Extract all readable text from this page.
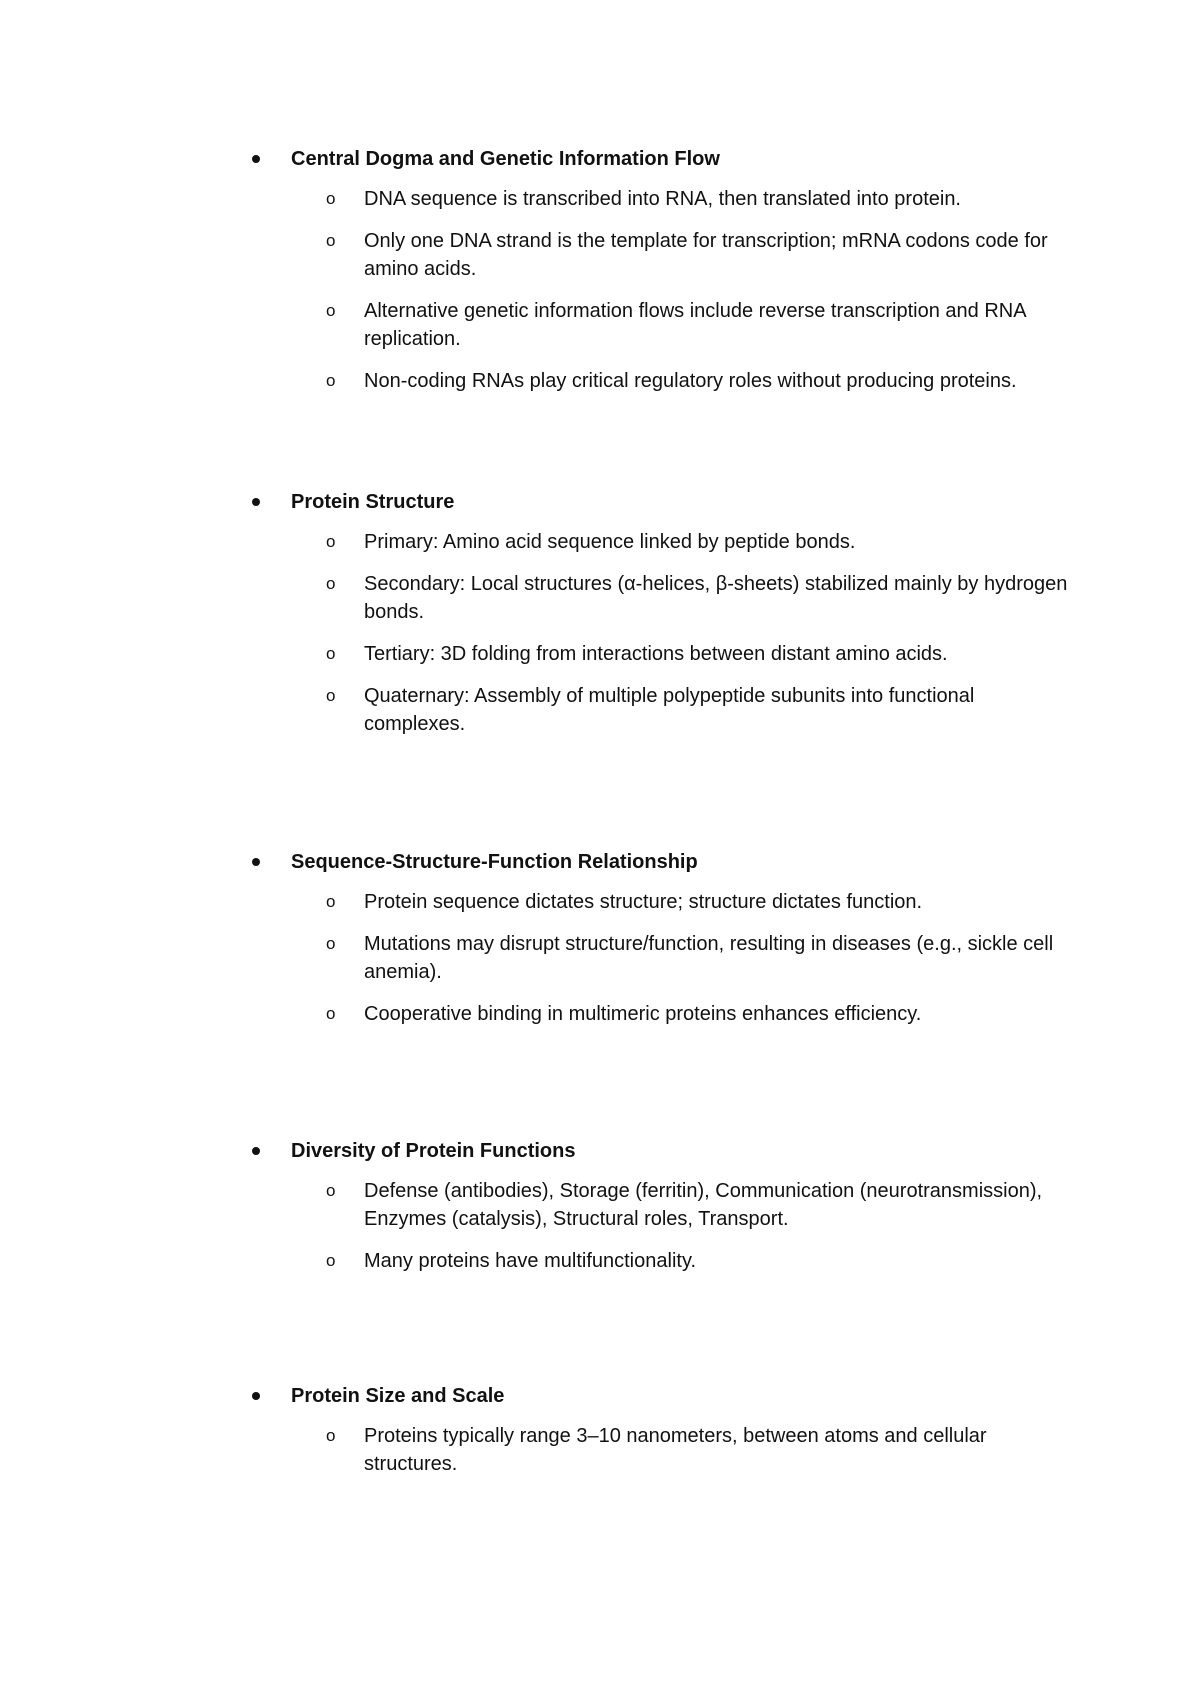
Central Dogma and Genetic Information Flow
o DNA sequence is transcribed into RNA, then translated into protein.
o Only one DNA strand is the template for transcription; mRNA codons code for amino acids.
o Alternative genetic information flows include reverse transcription and RNA replication.
o Non-coding RNAs play critical regulatory roles without producing proteins.
Protein Structure
o Primary: Amino acid sequence linked by peptide bonds.
o Secondary: Local structures (α-helices, β-sheets) stabilized mainly by hydrogen bonds.
o Tertiary: 3D folding from interactions between distant amino acids.
o Quaternary: Assembly of multiple polypeptide subunits into functional complexes.
Sequence-Structure-Function Relationship
o Protein sequence dictates structure; structure dictates function.
o Mutations may disrupt structure/function, resulting in diseases (e.g., sickle cell anemia).
o Cooperative binding in multimeric proteins enhances efficiency.
Diversity of Protein Functions
o Defense (antibodies), Storage (ferritin), Communication (neurotransmission), Enzymes (catalysis), Structural roles, Transport.
o Many proteins have multifunctionality.
Protein Size and Scale
o Proteins typically range 3–10 nanometers, between atoms and cellular structures.
